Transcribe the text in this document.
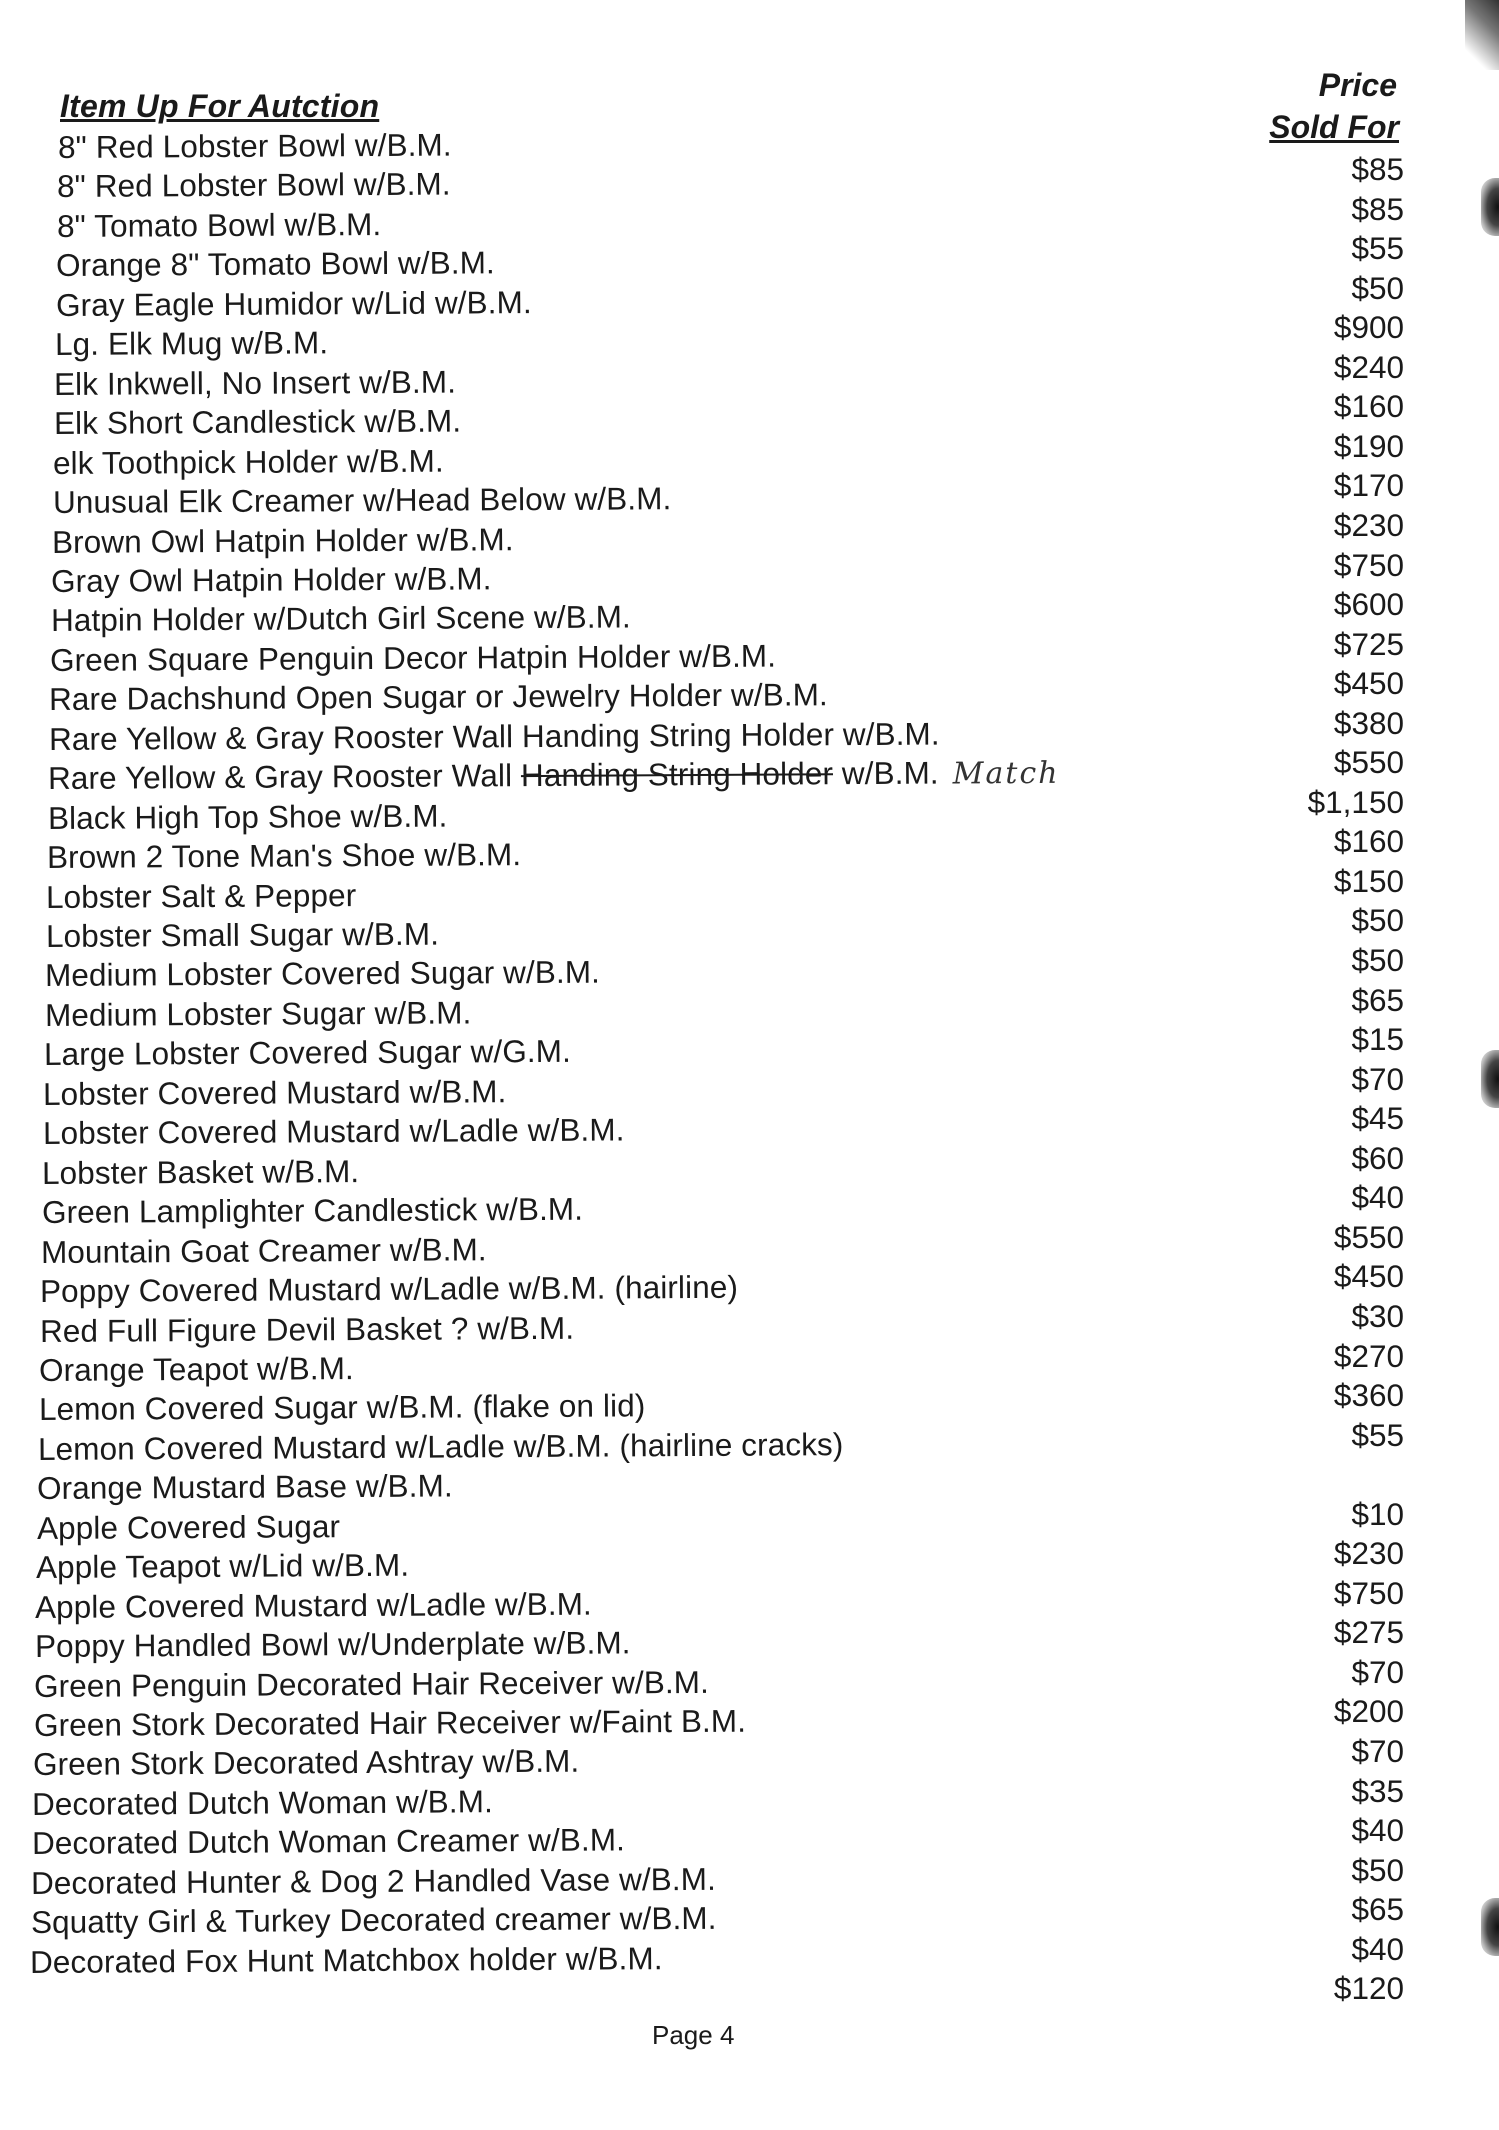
Item Up For Autction
Price
Sold For
8" Red Lobster Bowl w/B.M.
$85
8" Red Lobster Bowl w/B.M.
$85
8" Tomato Bowl w/B.M.
$55
Orange 8" Tomato Bowl w/B.M.
$50
Gray Eagle Humidor w/Lid w/B.M.
$900
Lg. Elk Mug w/B.M.
$240
Elk Inkwell, No Insert w/B.M.
$160
Elk Short Candlestick w/B.M.
$190
elk Toothpick Holder w/B.M.
$170
Unusual Elk Creamer w/Head Below w/B.M.
$230
Brown Owl Hatpin Holder w/B.M.
$750
Gray Owl Hatpin Holder w/B.M.
$600
Hatpin Holder w/Dutch Girl Scene w/B.M.
$725
Green Square Penguin Decor Hatpin Holder w/B.M.
$450
Rare Dachshund Open Sugar or Jewelry Holder w/B.M.
$380
Rare Yellow & Gray Rooster Wall Handing String Holder w/B.M.
$550
Rare Yellow & Gray Rooster Wall Handing String Holder w/B.M. Match
$1,150
Black High Top Shoe w/B.M.
$160
Brown 2 Tone Man's Shoe w/B.M.
$150
Lobster Salt & Pepper
$50
Lobster Small Sugar w/B.M.
$50
Medium Lobster Covered Sugar w/B.M.
$65
Medium Lobster Sugar w/B.M.
$15
Large Lobster Covered Sugar w/G.M.
$70
Lobster Covered Mustard w/B.M.
$45
Lobster Covered Mustard w/Ladle w/B.M.
$60
Lobster Basket w/B.M.
$40
Green Lamplighter Candlestick w/B.M.
$550
Mountain Goat Creamer w/B.M.
$450
Poppy Covered Mustard w/Ladle w/B.M. (hairline)
$30
Red Full Figure Devil Basket ? w/B.M.
$270
Orange Teapot w/B.M.
$360
Lemon Covered Sugar w/B.M. (flake on lid)
$55
Lemon Covered Mustard w/Ladle w/B.M. (hairline cracks)
Orange Mustard Base w/B.M.
$10
Apple Covered Sugar
$230
Apple Teapot w/Lid w/B.M.
$750
Apple Covered Mustard w/Ladle w/B.M.
$275
Poppy Handled Bowl w/Underplate w/B.M.
$70
Green Penguin Decorated Hair Receiver w/B.M.
$200
Green Stork Decorated Hair Receiver w/Faint B.M.
$70
Green Stork Decorated Ashtray w/B.M.
$35
Decorated Dutch Woman w/B.M.
$40
Decorated Dutch Woman Creamer w/B.M.
$50
Decorated Hunter & Dog 2 Handled Vase w/B.M.
$65
Squatty Girl & Turkey Decorated creamer w/B.M.
$40
Decorated Fox Hunt Matchbox holder w/B.M.
$120
Page 4
